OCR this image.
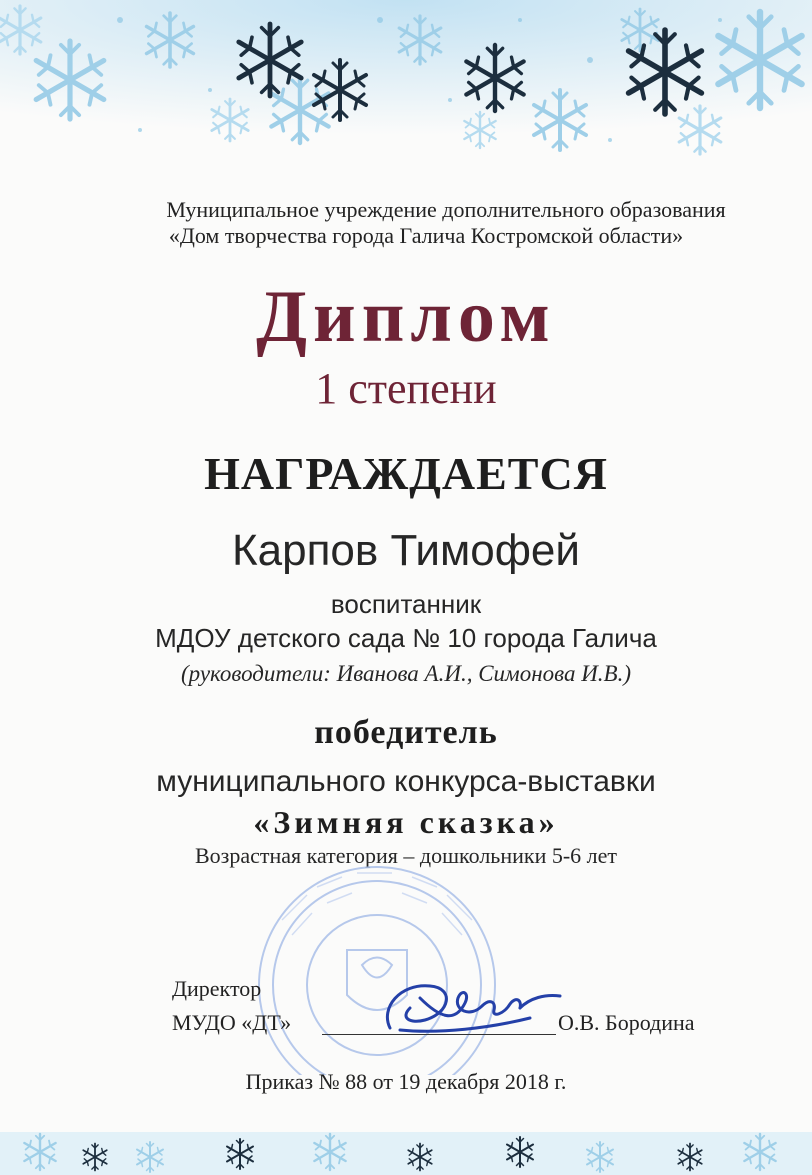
Муниципальное учреждение дополнительного образования
«Дом творчества города Галича Костромской области»
Диплом
1 степени
НАГРАЖДАЕТСЯ
Карпов Тимофей
воспитанник
МДОУ детского сада № 10 города Галича
(руководители: Иванова А.И., Симонова И.В.)
победитель
муниципального конкурса-выставки
«Зимняя сказка»
Возрастная категория – дошкольники 5-6 лет
Директор
МУДО «ДТ»	О.В. Бородина
Приказ № 88 от 19 декабря 2018 г.
